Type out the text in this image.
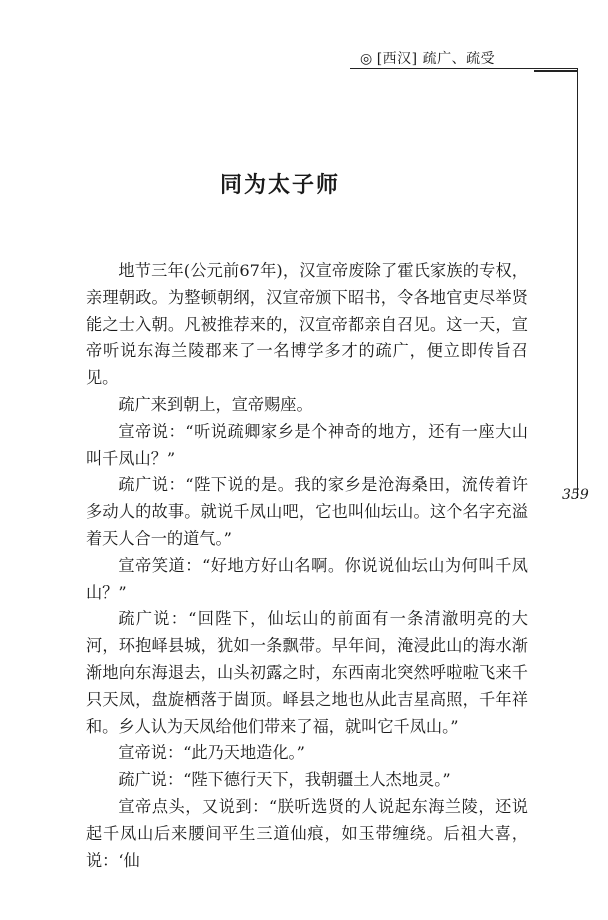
◎ [西汉] 疏广、疏受
359
同为太子师

地节三年(公元前67年)，汉宣帝废除了霍氏家族的专权，亲理朝政。为整顿朝纲，汉宣帝颁下昭书，令各地官吏尽举贤能之士入朝。凡被推荐来的，汉宣帝都亲自召见。这一天，宣帝听说东海兰陵郡来了一名博学多才的疏广，便立即传旨召见。

疏广来到朝上，宣帝赐座。

宣帝说：“听说疏卿家乡是个神奇的地方，还有一座大山叫千凤山？”

疏广说：“陛下说的是。我的家乡是沧海桑田，流传着许多动人的故事。就说千凤山吧，它也叫仙坛山。这个名字充溢着天人合一的道气。”

宣帝笑道：“好地方好山名啊。你说说仙坛山为何叫千凤山？”

疏广说：“回陛下，仙坛山的前面有一条清澈明亮的大河，环抱峄县城，犹如一条飘带。早年间，淹浸此山的海水渐渐地向东海退去，山头初露之时，东西南北突然呼啦啦飞来千只天凤，盘旋栖落于崮顶。峄县之地也从此吉星高照，千年祥和。乡人认为天凤给他们带来了福，就叫它千凤山。”

宣帝说：“此乃天地造化。”

疏广说：“陛下德行天下，我朝疆土人杰地灵。”

宣帝点头，又说到：“朕听选贤的人说起东海兰陵，还说起千凤山后来腰间平生三道仙痕，如玉带缠绕。后祖大喜，说：‘仙
